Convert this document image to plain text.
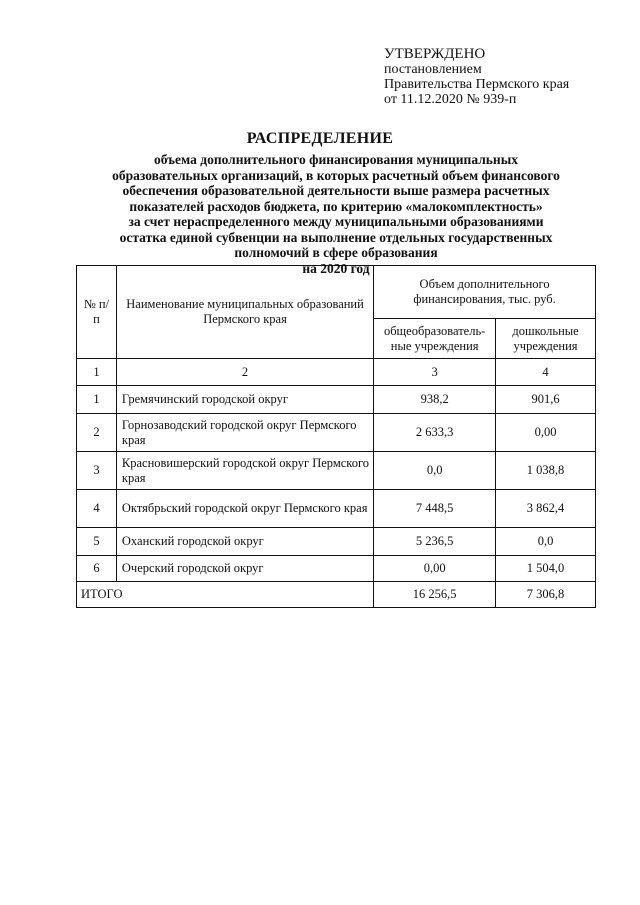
УТВЕРЖДЕНО
постановлением
Правительства Пермского края
от 11.12.2020 № 939-п
РАСПРЕДЕЛЕНИЕ
объема дополнительного финансирования муниципальных
образовательных организаций, в которых расчетный объем финансового
обеспечения образовательной деятельности выше размера расчетных
показателей расходов бюджета, по критерию «малокомплектность»
за счет нераспределенного между муниципальными образованиями
остатка единой субвенции на выполнение отдельных государственных
полномочий в сфере образования
на 2020 год
№ п/п	Наименование муниципальных образований Пермского края	Объем дополнительного финансирования, тыс. руб.	
		общеобразователь-ные учреждения	дошкольные учреждения
1	2	3	4
1	Гремячинский городской округ	938,2	901,6
2	Горнозаводский городской округ Пермского края	2 633,3	0,00
3	Красновишерский городской округ Пермского края	0,0	1 038,8
4	Октябрьский городской округ Пермского края	7 448,5	3 862,4
5	Оханский городской округ	5 236,5	0,0
6	Очерский городской округ	0,00	1 504,0
ИТОГО		16 256,5	7 306,8
